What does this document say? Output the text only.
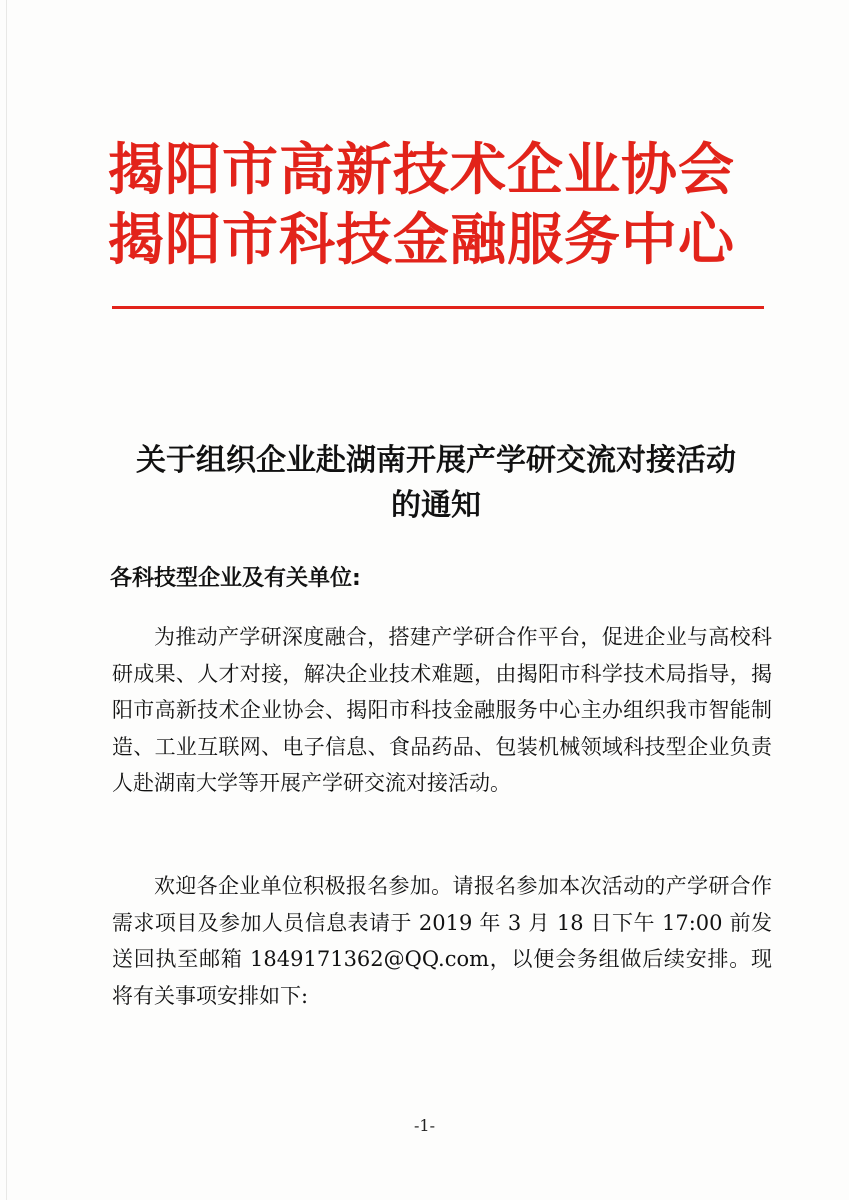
揭阳市高新技术企业协会
揭阳市科技金融服务中心
关于组织企业赴湖南开展产学研交流对接活动
的通知
各科技型企业及有关单位:

为推动产学研深度融合，搭建产学研合作平台，促进企业与高校科研成果、人才对接，解决企业技术难题，由揭阳市科学技术局指导，揭阳市高新技术企业协会、揭阳市科技金融服务中心主办组织我市智能制造、工业互联网、电子信息、食品药品、包装机械领域科技型企业负责人赴湖南大学等开展产学研交流对接活动。

欢迎各企业单位积极报名参加。请报名参加本次活动的产学研合作需求项目及参加人员信息表请于 2019 年 3 月 18 日下午 17:00 前发送回执至邮箱 1849171362@QQ.com，以便会务组做后续安排。现将有关事项安排如下:

-1-
